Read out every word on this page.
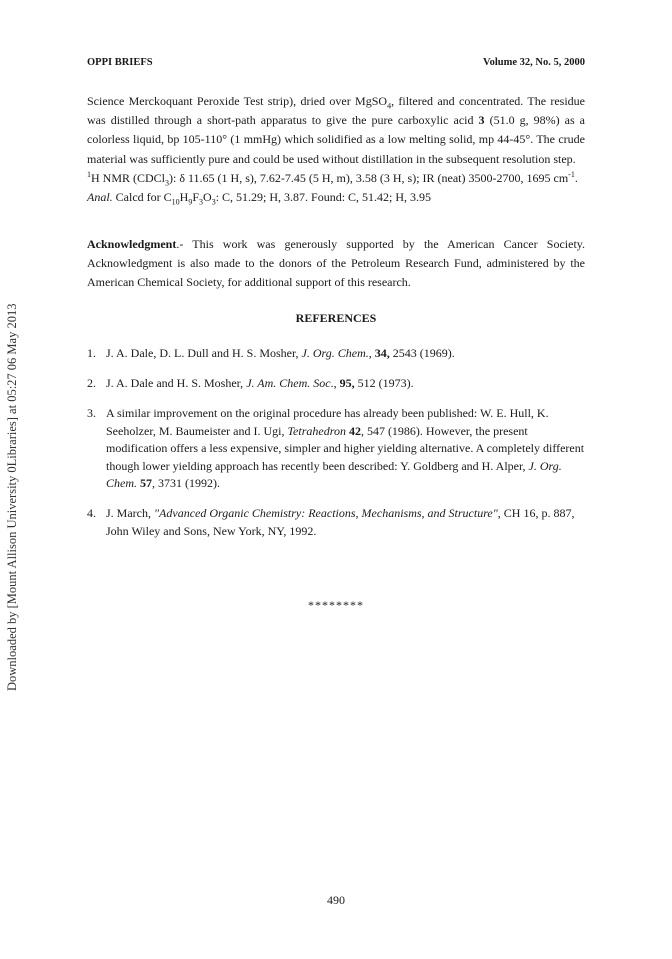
OPPI BRIEFS	Volume 32, No. 5, 2000
Downloaded by [Mount Allison University 0Libraries] at 05:27 06 May 2013
Science Merckoquant Peroxide Test strip), dried over MgSO$_4$, filtered and concentrated. The residue was distilled through a short-path apparatus to give the pure carboxylic acid 3 (51.0 g, 98%) as a colorless liquid, bp 105-110° (1 mmHg) which solidified as a low melting solid, mp 44-45°. The crude material was sufficiently pure and could be used without distillation in the subsequent resolution step.
$^1$H NMR (CDCl$_3$): δ 11.65 (1 H, s), 7.62-7.45 (5 H, m), 3.58 (3 H, s); IR (neat) 3500-2700, 1695 $cm^{-1}$.
Anal. Calcd for $C_{10}H_9F_3O_3$: C, 51.29; H, 3.87. Found: C, 51.42; H, 3.95
Acknowledgment.- This work was generously supported by the American Cancer Society. Acknowledgment is also made to the donors of the Petroleum Research Fund, administered by the American Chemical Society, for additional support of this research.
REFERENCES
1. J. A. Dale, D. L. Dull and H. S. Mosher, J. Org. Chem., 34, 2543 (1969).
2. J. A. Dale and H. S. Mosher, J. Am. Chem. Soc., 95, 512 (1973).
3. A similar improvement on the original procedure has already been published: W. E. Hull, K. Seeholzer, M. Baumeister and I. Ugi, Tetrahedron 42, 547 (1986). However, the present modification offers a less expensive, simpler and higher yielding alternative. A completely different though lower yielding approach has recently been described: Y. Goldberg and H. Alper, J. Org. Chem. 57, 3731 (1992).
4. J. March, "Advanced Organic Chemistry: Reactions, Mechanisms, and Structure", CH 16, p. 887, John Wiley and Sons, New York, NY, 1992.
********
490
